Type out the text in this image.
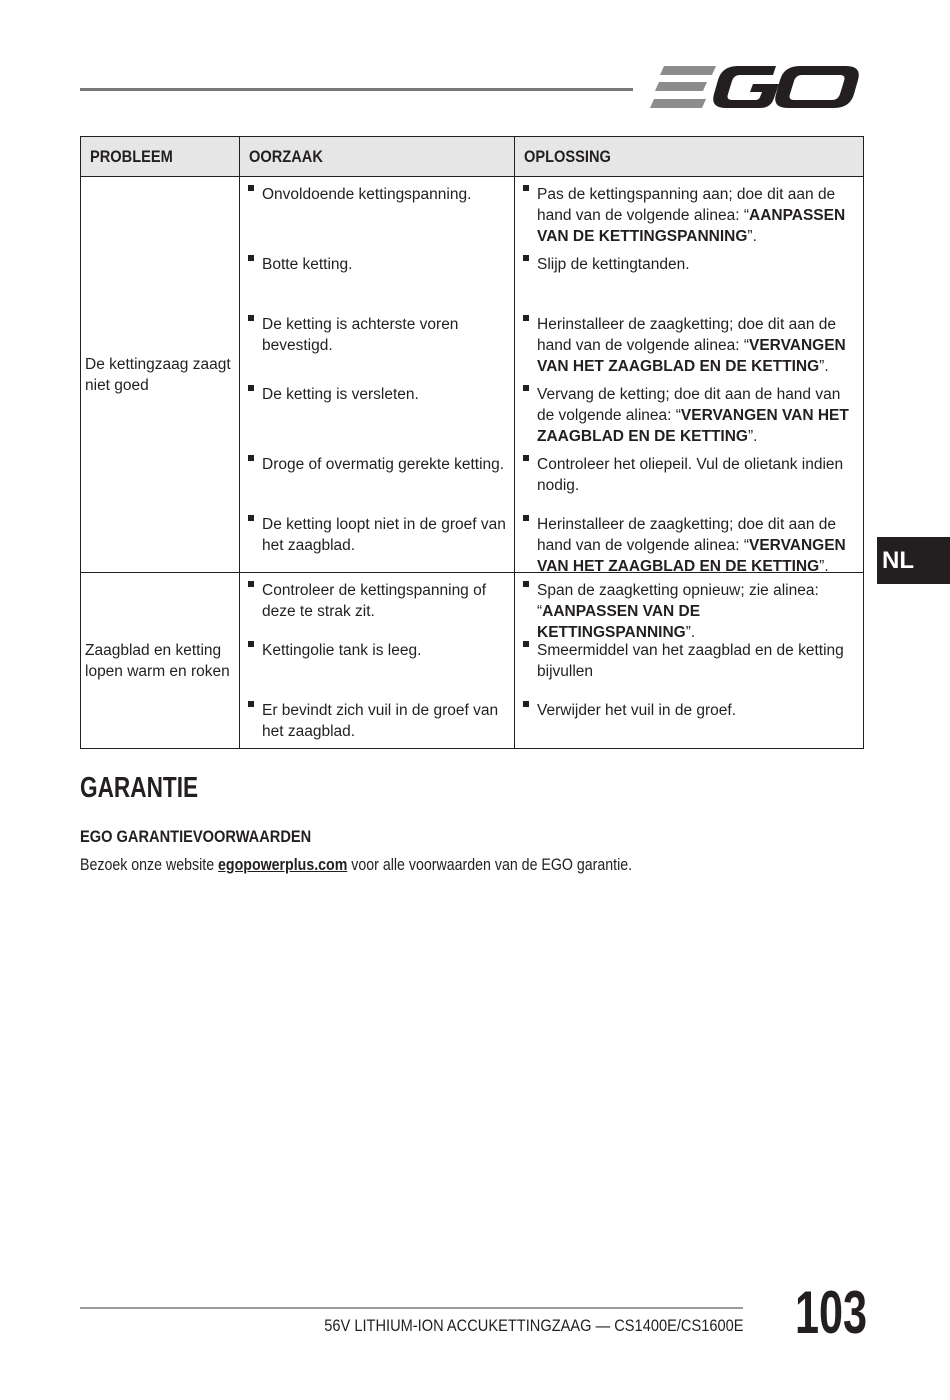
NL
PROBLEEM	OORZAAK	OPLOSSING

De kettingzaag zaagt niet goed	Onvoldoende kettingspanning.	Pas de kettingspanning aan; doe dit aan de hand van de volgende alinea: “AANPASSEN VAN DE KETTINGSPANNING”.

	Botte ketting.	Slijp de kettingtanden.

	De ketting is achterste voren bevestigd.	Herinstalleer de zaagketting; doe dit aan de hand van de volgende alinea: “VERVANGEN VAN HET ZAAGBLAD EN DE KETTING”.

	De ketting is versleten.	Vervang de ketting; doe dit aan de hand van de volgende alinea: “VERVANGEN VAN HET ZAAGBLAD EN DE KETTING”.

	Droge of overmatig gerekte ketting.	Controleer het oliepeil. Vul de olietank indien nodig.

	De ketting loopt niet in de groef van het zaagblad.	Herinstalleer de zaagketting; doe dit aan de hand van de volgende alinea: “VERVANGEN VAN HET ZAAGBLAD EN DE KETTING”.

Zaagblad en ketting lopen warm en roken	Controleer de kettingspanning of deze te strak zit.	Span de zaagketting opnieuw; zie alinea: “AANPASSEN VAN DE KETTINGSPANNING”.

	Kettingolie tank is leeg.	Smeermiddel van het zaagblad en de ketting bijvullen

	Er bevindt zich vuil in de groef van het zaagblad.	Verwijder het vuil in de groef.
GARANTIE
EGO GARANTIEVOORWAARDEN
Bezoek onze website egopowerplus.com voor alle voorwaarden van de EGO garantie.
56V LITHIUM-ION ACCUKETTINGZAAG — CS1400E/CS1600E 103
